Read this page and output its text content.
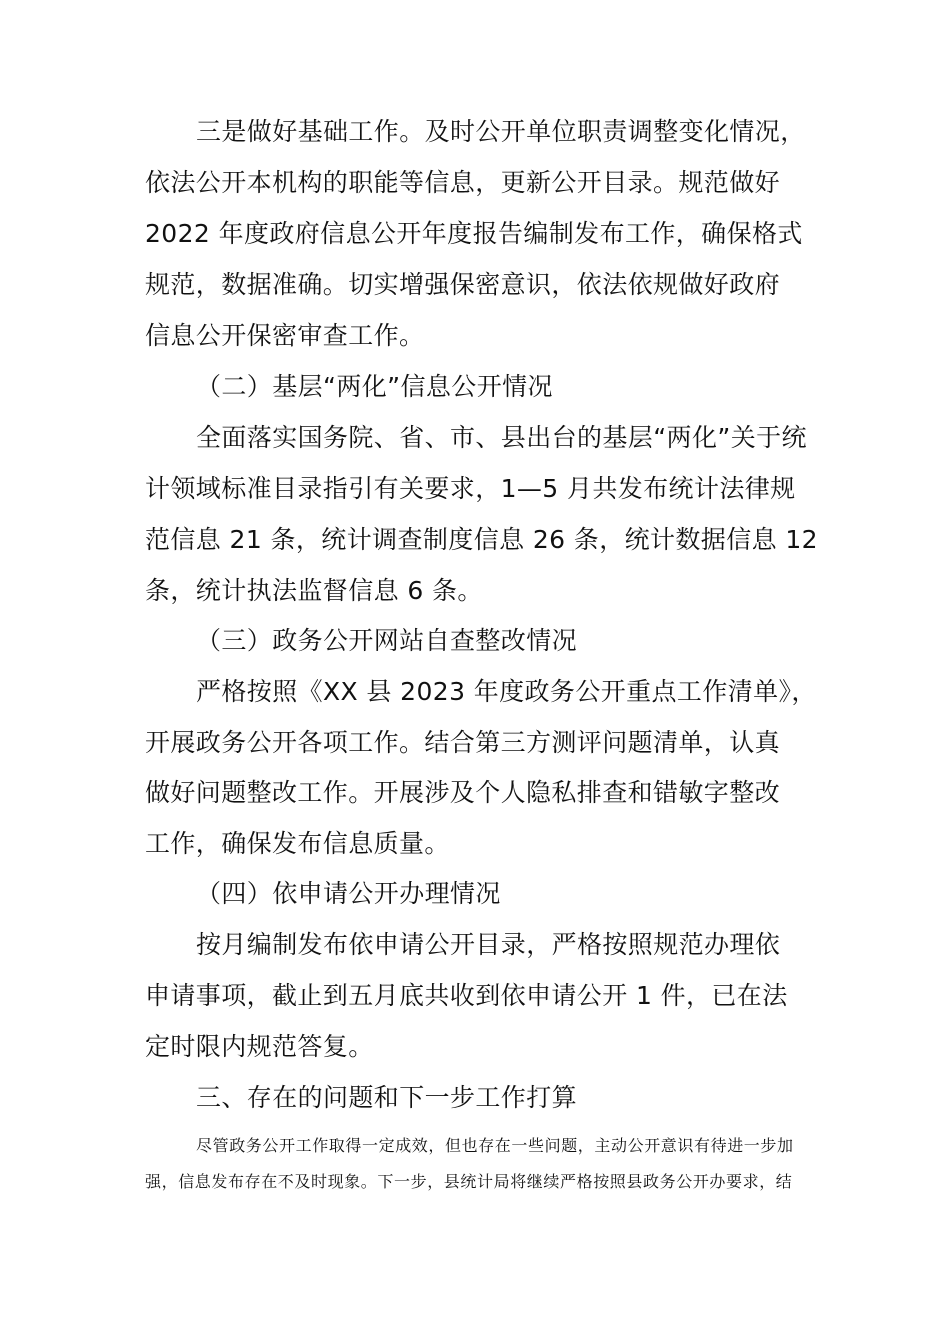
三是做好基础工作。及时公开单位职责调整变化情况，
依法公开本机构的职能等信息，更新公开目录。规范做好
2022 年度政府信息公开年度报告编制发布工作，确保格式
规范，数据准确。切实增强保密意识，依法依规做好政府
信息公开保密审查工作。
（二）基层“两化”信息公开情况
全面落实国务院、省、市、县出台的基层“两化”关于统
计领域标准目录指引有关要求，1—5 月共发布统计法律规
范信息 21 条，统计调查制度信息 26 条，统计数据信息 12
条，统计执法监督信息 6 条。
（三）政务公开网站自查整改情况
严格按照《XX 县 2023 年度政务公开重点工作清单》，
开展政务公开各项工作。结合第三方测评问题清单，认真
做好问题整改工作。开展涉及个人隐私排查和错敏字整改
工作，确保发布信息质量。
（四）依申请公开办理情况
按月编制发布依申请公开目录，严格按照规范办理依
申请事项，截止到五月底共收到依申请公开 1 件，已在法
定时限内规范答复。
三、存在的问题和下一步工作打算
尽管政务公开工作取得一定成效，但也存在一些问题，主动公开意识有待进一步加
强，信息发布存在不及时现象。下一步，县统计局将继续严格按照县政务公开办要求，结
